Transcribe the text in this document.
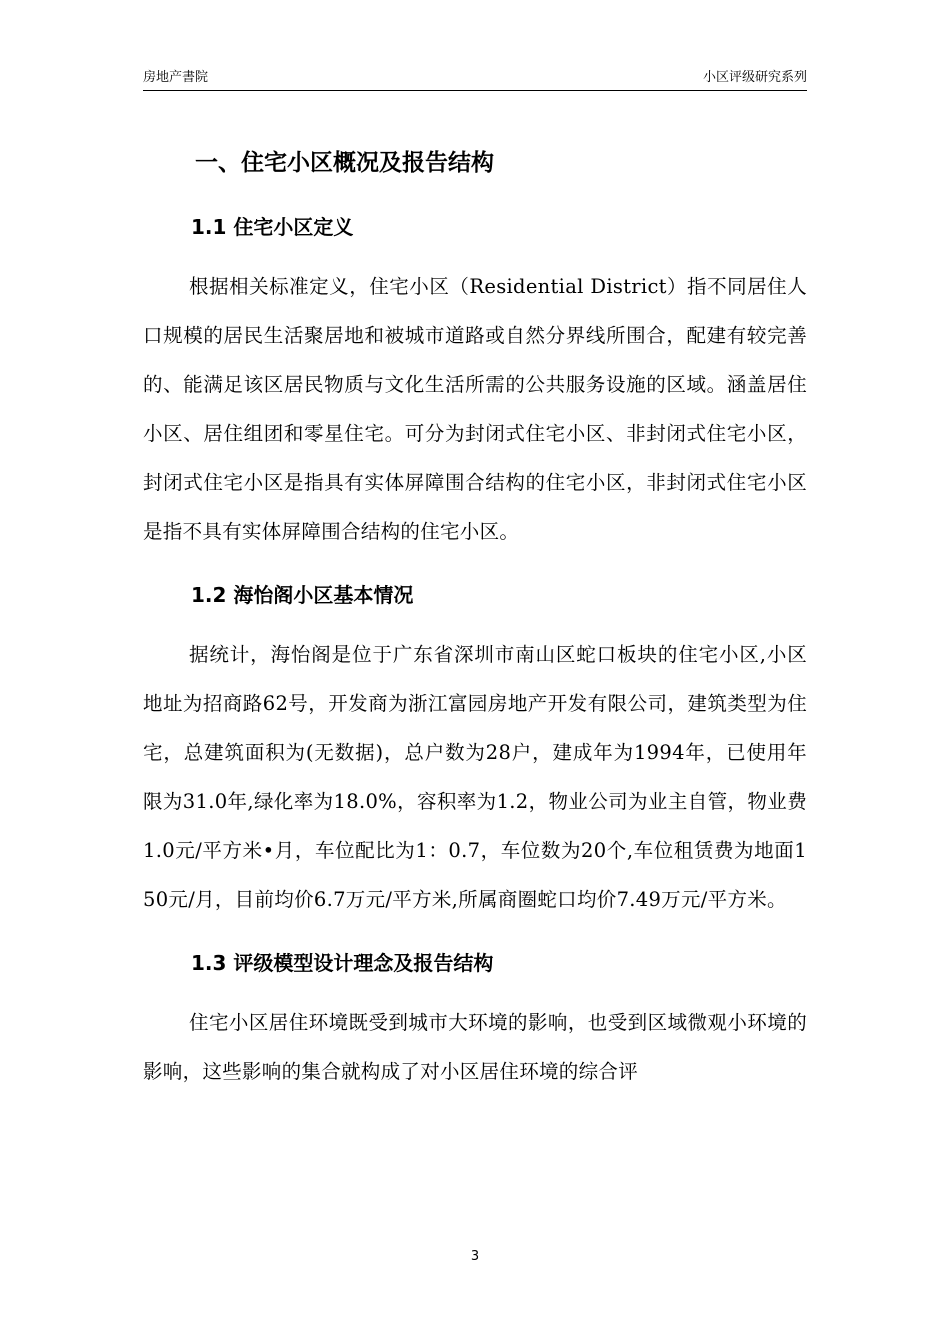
房地产書院	小区评级研究系列
一、住宅小区概况及报告结构
1.1 住宅小区定义

根据相关标准定义，住宅小区（Residential District）指不同居住人口规模的居民生活聚居地和被城市道路或自然分界线所围合，配建有较完善的、能满足该区居民物质与文化生活所需的公共服务设施的区域。涵盖居住小区、居住组团和零星住宅。可分为封闭式住宅小区、非封闭式住宅小区，封闭式住宅小区是指具有实体屏障围合结构的住宅小区，非封闭式住宅小区是指不具有实体屏障围合结构的住宅小区。

1.2 海怡阁小区基本情况

据统计，海怡阁是位于广东省深圳市南山区蛇口板块的住宅小区,小区地址为招商路62号，开发商为浙江富园房地产开发有限公司，建筑类型为住宅，总建筑面积为(无数据)，总户数为28户，建成年为1994年，已使用年限为31.0年,绿化率为18.0%，容积率为1.2，物业公司为业主自管，物业费1.0元/平方米•月，车位配比为1：0.7，车位数为20个,车位租赁费为地面150元/月，目前均价6.7万元/平方米,所属商圈蛇口均价7.49万元/平方米。

1.3 评级模型设计理念及报告结构

住宅小区居住环境既受到城市大环境的影响，也受到区域微观小环境的影响，这些影响的集合就构成了对小区居住环境的综合评

3
